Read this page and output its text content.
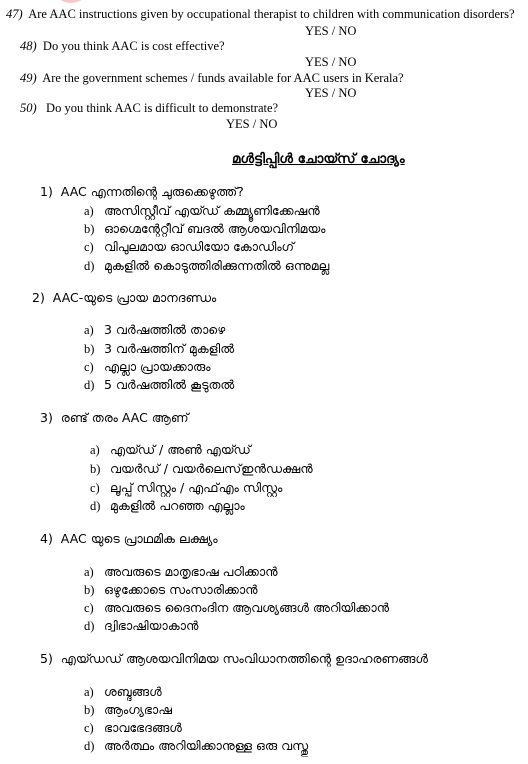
47) Are AAC instructions given by occupational therapist to children with communication disorders?
YES / NO
48) Do you think AAC is cost effective?
YES / NO
49) Are the government schemes / funds available for AAC users in Kerala?
YES / NO
50) Do you think AAC is difficult to demonstrate?
YES / NO
മൾട്ടിപ്പിൾ ചോയ്സ് ചോദ്യം
1) AAC എന്നതിന്റെ ചുരുക്കെഴുത്ത്?
a) അസിസ്റ്റീവ് എയ്ഡ് കമ്മ്യൂണിക്കേഷൻ
b) ഓഗ്മെന്റേറ്റീവ് ബദൽ ആശയവിനിമയം
c) വിപുലമായ ഓഡിയോ കോഡിംഗ്
d) മുകളിൽ കൊടുത്തിരിക്കുന്നതിൽ ഒന്നുമല്ല
2) AAC-യുടെ പ്രായ മാനദണ്ഡം
a) 3 വർഷത്തിൽ താഴെ
b) 3 വർഷത്തിന് മുകളിൽ
c) എല്ലാ പ്രായക്കാരും
d) 5 വർഷത്തിൽ കൂടുതൽ
3) രണ്ട് തരം AAC ആണ്
a) എയ്ഡ് / അൺ എയ്ഡ്
b) വയർഡ് / വയർലെസ്ഇൻഡക്ഷൻ
c) ലൂപ്പ് സിസ്റ്റം / എഫ്എം സിസ്റ്റം
d) മുകളിൽ പറഞ്ഞ എല്ലാം
4) AAC യുടെ പ്രാഥമിക ലക്ഷ്യം
a) അവരുടെ മാതൃഭാഷ പഠിക്കാൻ
b) ഒഴുക്കോടെ സംസാരിക്കാൻ
c) അവരുടെ ദൈനംദിന ആവശ്യങ്ങൾ അറിയിക്കാൻ
d) ദ്വിഭാഷിയാകാൻ
5) എയ്ഡഡ് ആശയവിനിമയ സംവിധാനത്തിന്റെ ഉദാഹരണങ്ങൾ
a) ശബ്ദങ്ങൾ
b) ആംഗ്യഭാഷ
c) ഭാവഭേദങ്ങൾ
d) അർത്ഥം അറിയിക്കാനുള്ള ഒരു വസ്തു
